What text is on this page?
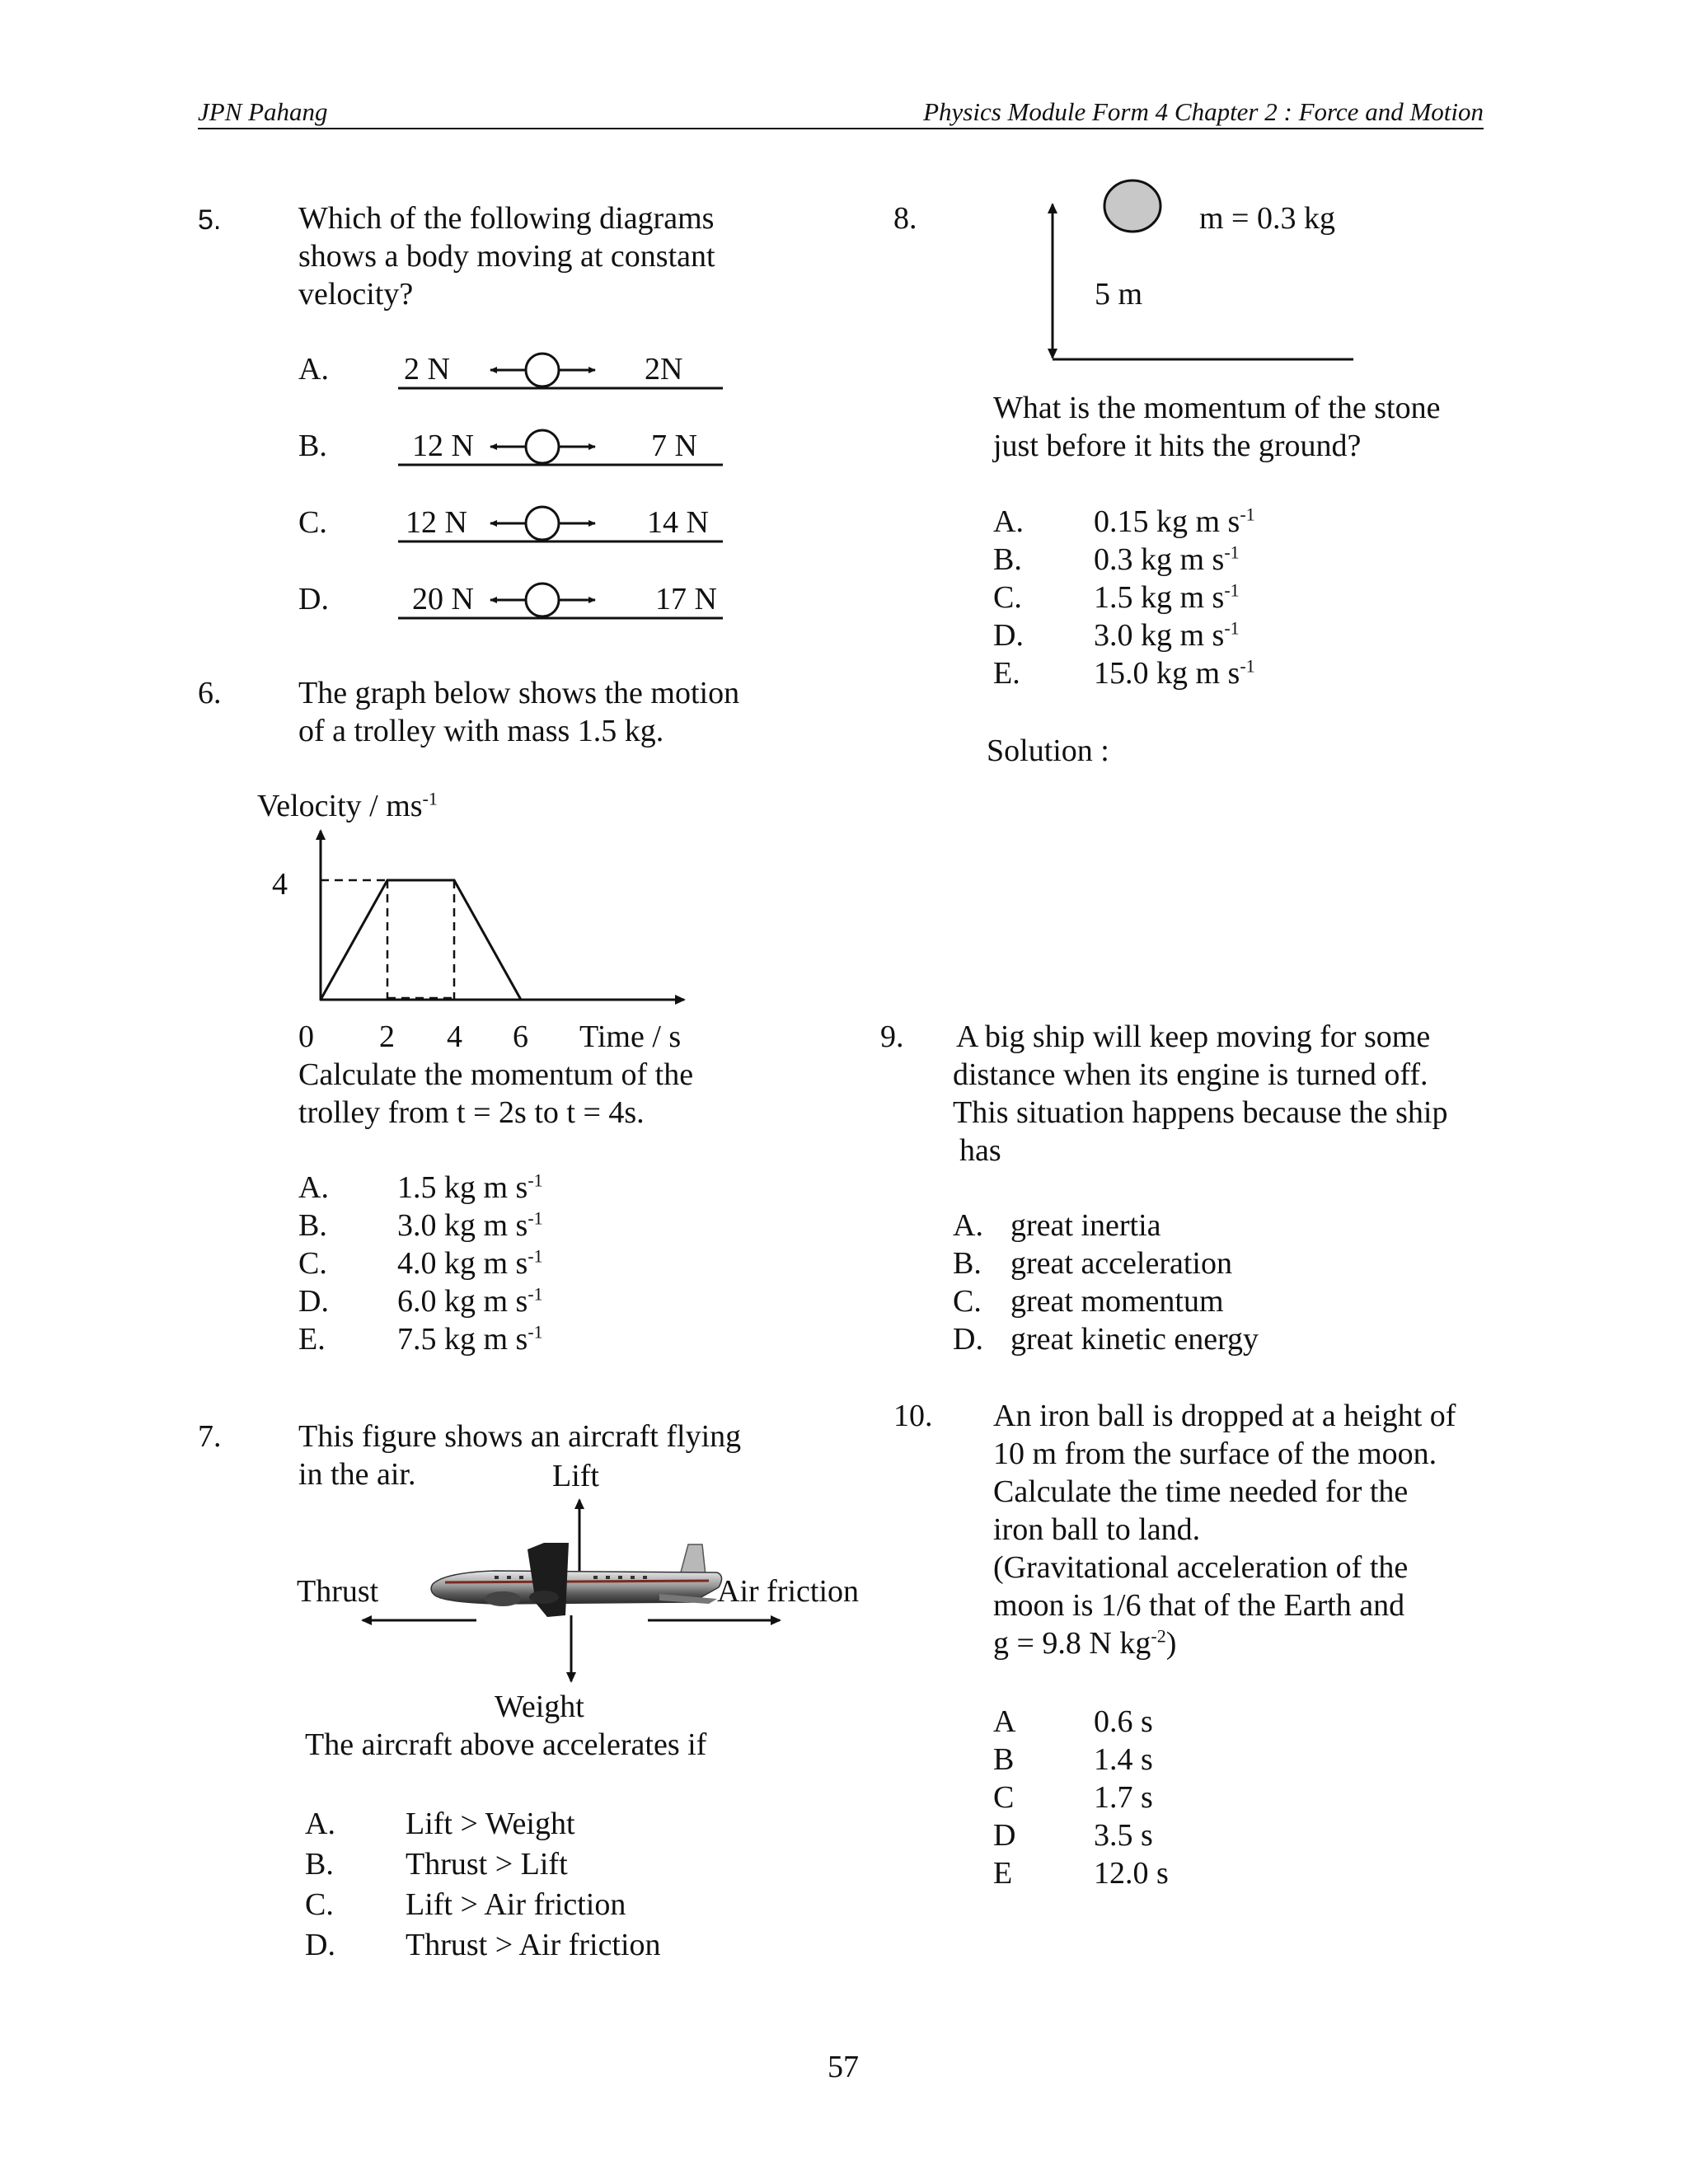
JPN Pahang	Physics Module Form 4 Chapter 2 : Force and Motion
5. Which of the following diagrams
shows a body moving at constant
velocity?
A. 2 N	2N
B.	12 N	7 N
C.	12 N	14 N
D.	20 N	17 N
6. The graph below shows the motion
of a trolley with mass 1.5 kg.
Velocity / $ms^{-1}$
4
0 2 4 6 Time / s
Calculate the momentum of the
trolley from t = 2s to t = 4s.
A. 1.5 kg m $s^{-1}$
B. 3.0 kg m $s^{-1}$
C. 4.0 kg m $s^{-1}$
D. 6.0 kg m $s^{-1}$
E. 7.5 kg m $s^{-1}$
7. This figure shows an aircraft flying
in the air.	Lift
Thrust	Air friction
Weight
The aircraft above accelerates if
A. Lift > Weight
B. Thrust > Lift
C. Lift > Air friction
D. Thrust > Air friction
8.	m = 0.3 kg
5 m
What is the momentum of the stone
just before it hits the ground?
A. 0.15 kg m $s^{-1}$
B. 0.3 kg m $s^{-1}$
C. 1.5 kg m $s^{-1}$
D. 3.0 kg m $s^{-1}$
E. 15.0 kg m $s^{-1}$
Solution :
9. A big ship will keep moving for some
distance when its engine is turned off.
This situation happens because the ship
has
A. great inertia
B. great acceleration
C. great momentum
D. great kinetic energy
10. An iron ball is dropped at a height of
10 m from the surface of the moon.
Calculate the time needed for the
iron ball to land.
(Gravitational acceleration of the
moon is 1/6 that of the Earth and
g = 9.8 N $kg^{-2}$)
A 0.6 s
B	1.4 s
C	1.7 s
D 3.5 s
E	12.0 s
57
